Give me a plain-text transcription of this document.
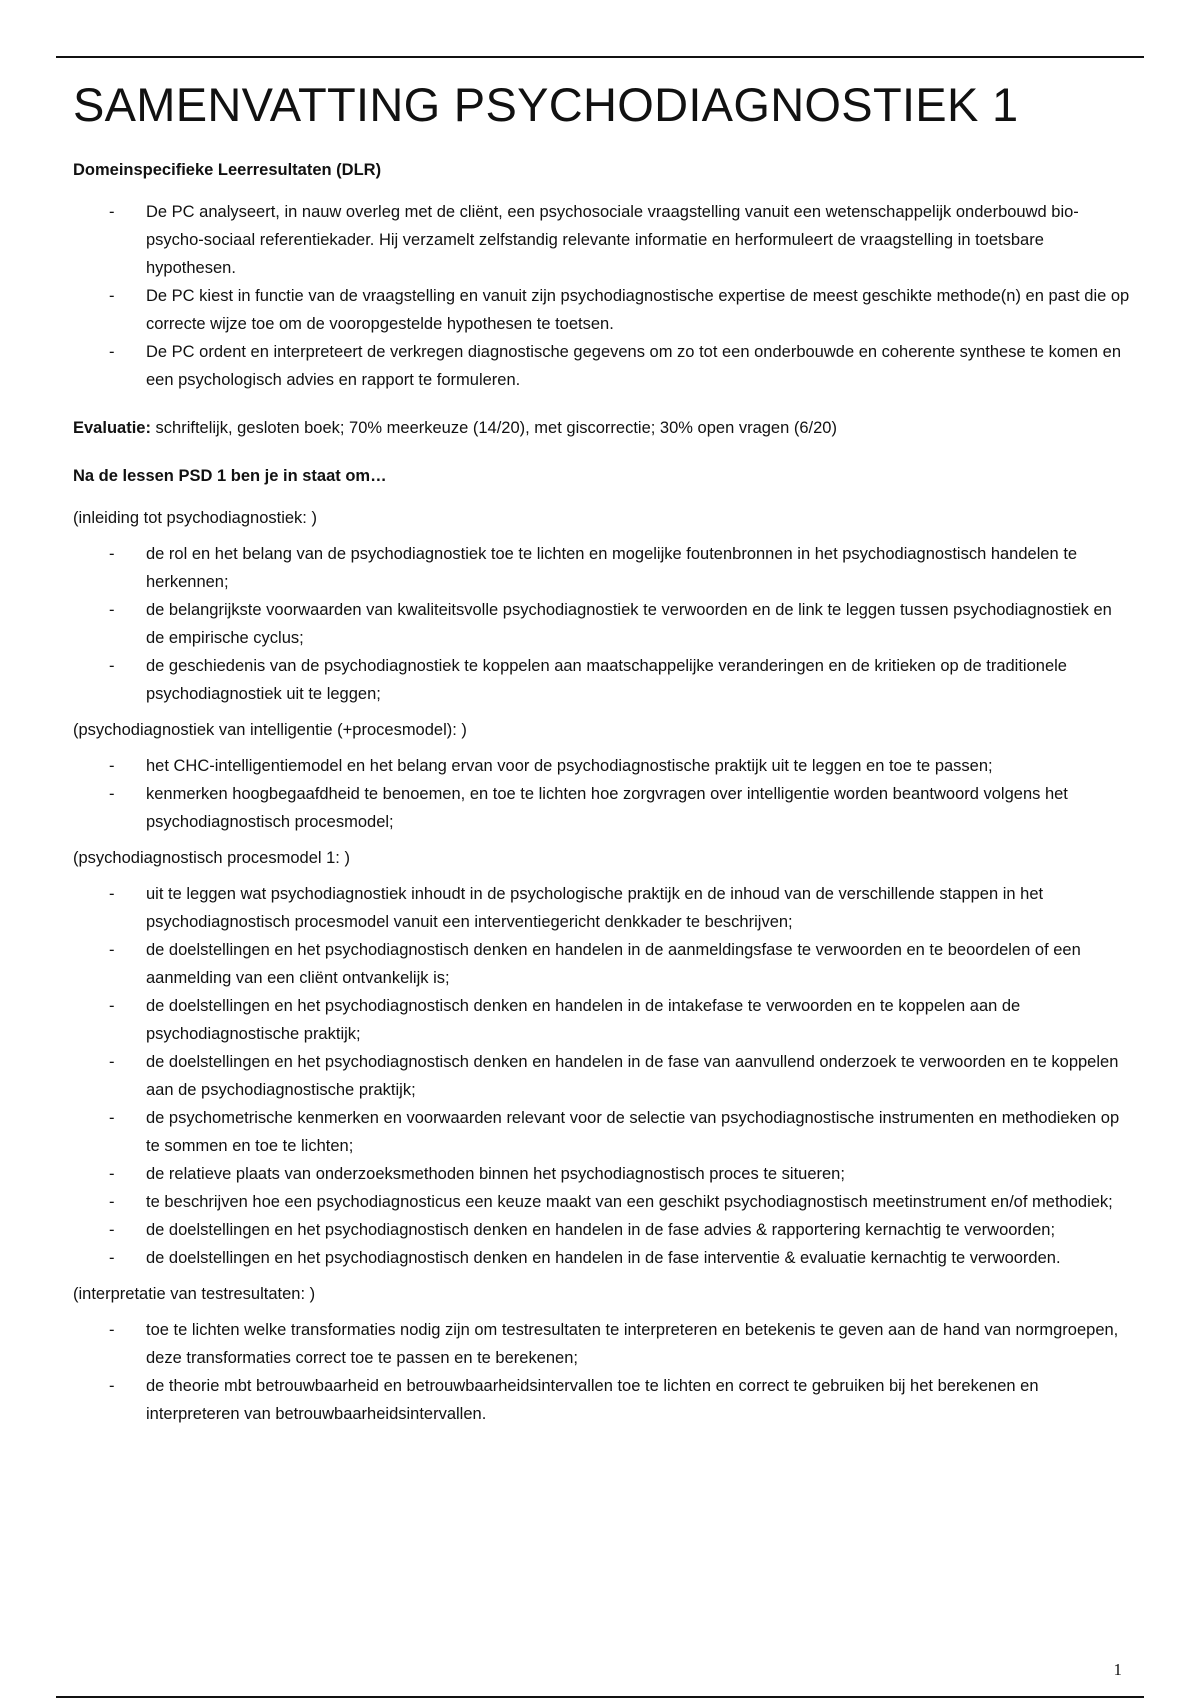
SAMENVATTING PSYCHODIAGNOSTIEK 1
Domeinspecifieke Leerresultaten (DLR)
- De PC analyseert, in nauw overleg met de cliënt, een psychosociale vraagstelling vanuit een wetenschappelijk onderbouwd bio-psycho-sociaal referentiekader. Hij verzamelt zelfstandig relevante informatie en herformuleert de vraagstelling in toetsbare hypothesen.
- De PC kiest in functie van de vraagstelling en vanuit zijn psychodiagnostische expertise de meest geschikte methode(n) en past die op correcte wijze toe om de vooropgestelde hypothesen te toetsen.
- De PC ordent en interpreteert de verkregen diagnostische gegevens om zo tot een onderbouwde en coherente synthese te komen en een psychologisch advies en rapport te formuleren.
Evaluatie: schriftelijk, gesloten boek; 70% meerkeuze (14/20), met giscorrectie; 30% open vragen (6/20)
Na de lessen PSD 1 ben je in staat om…
(inleiding tot psychodiagnostiek: )
- de rol en het belang van de psychodiagnostiek toe te lichten en mogelijke foutenbronnen in het psychodiagnostisch handelen te herkennen;
- de belangrijkste voorwaarden van kwaliteitsvolle psychodiagnostiek te verwoorden en de link te leggen tussen psychodiagnostiek en de empirische cyclus;
- de geschiedenis van de psychodiagnostiek te koppelen aan maatschappelijke veranderingen en de kritieken op de traditionele psychodiagnostiek uit te leggen;
(psychodiagnostiek van intelligentie (+procesmodel): )
- het CHC-intelligentiemodel en het belang ervan voor de psychodiagnostische praktijk uit te leggen en toe te passen;
- kenmerken hoogbegaafdheid te benoemen, en toe te lichten hoe zorgvragen over intelligentie worden beantwoord volgens het psychodiagnostisch procesmodel;
(psychodiagnostisch procesmodel 1: )
- uit te leggen wat psychodiagnostiek inhoudt in de psychologische praktijk en de inhoud van de verschillende stappen in het psychodiagnostisch procesmodel vanuit een interventiegericht denkkader te beschrijven;
- de doelstellingen en het psychodiagnostisch denken en handelen in de aanmeldingsfase te verwoorden en te beoordelen of een aanmelding van een cliënt ontvankelijk is;
- de doelstellingen en het psychodiagnostisch denken en handelen in de intakefase te verwoorden en te koppelen aan de psychodiagnostische praktijk;
- de doelstellingen en het psychodiagnostisch denken en handelen in de fase van aanvullend onderzoek te verwoorden en te koppelen aan de psychodiagnostische praktijk;
- de psychometrische kenmerken en voorwaarden relevant voor de selectie van psychodiagnostische instrumenten en methodieken op te sommen en toe te lichten;
- de relatieve plaats van onderzoeksmethoden binnen het psychodiagnostisch proces te situeren;
- te beschrijven hoe een psychodiagnosticus een keuze maakt van een geschikt psychodiagnostisch meetinstrument en/of methodiek;
- de doelstellingen en het psychodiagnostisch denken en handelen in de fase advies & rapportering kernachtig te verwoorden;
- de doelstellingen en het psychodiagnostisch denken en handelen in de fase interventie & evaluatie kernachtig te verwoorden.
(interpretatie van testresultaten: )
- toe te lichten welke transformaties nodig zijn om testresultaten te interpreteren en betekenis te geven aan de hand van normgroepen, deze transformaties correct toe te passen en te berekenen;
- de theorie mbt betrouwbaarheid en betrouwbaarheidsintervallen toe te lichten en correct te gebruiken bij het berekenen en interpreteren van betrouwbaarheidsintervallen.
1
